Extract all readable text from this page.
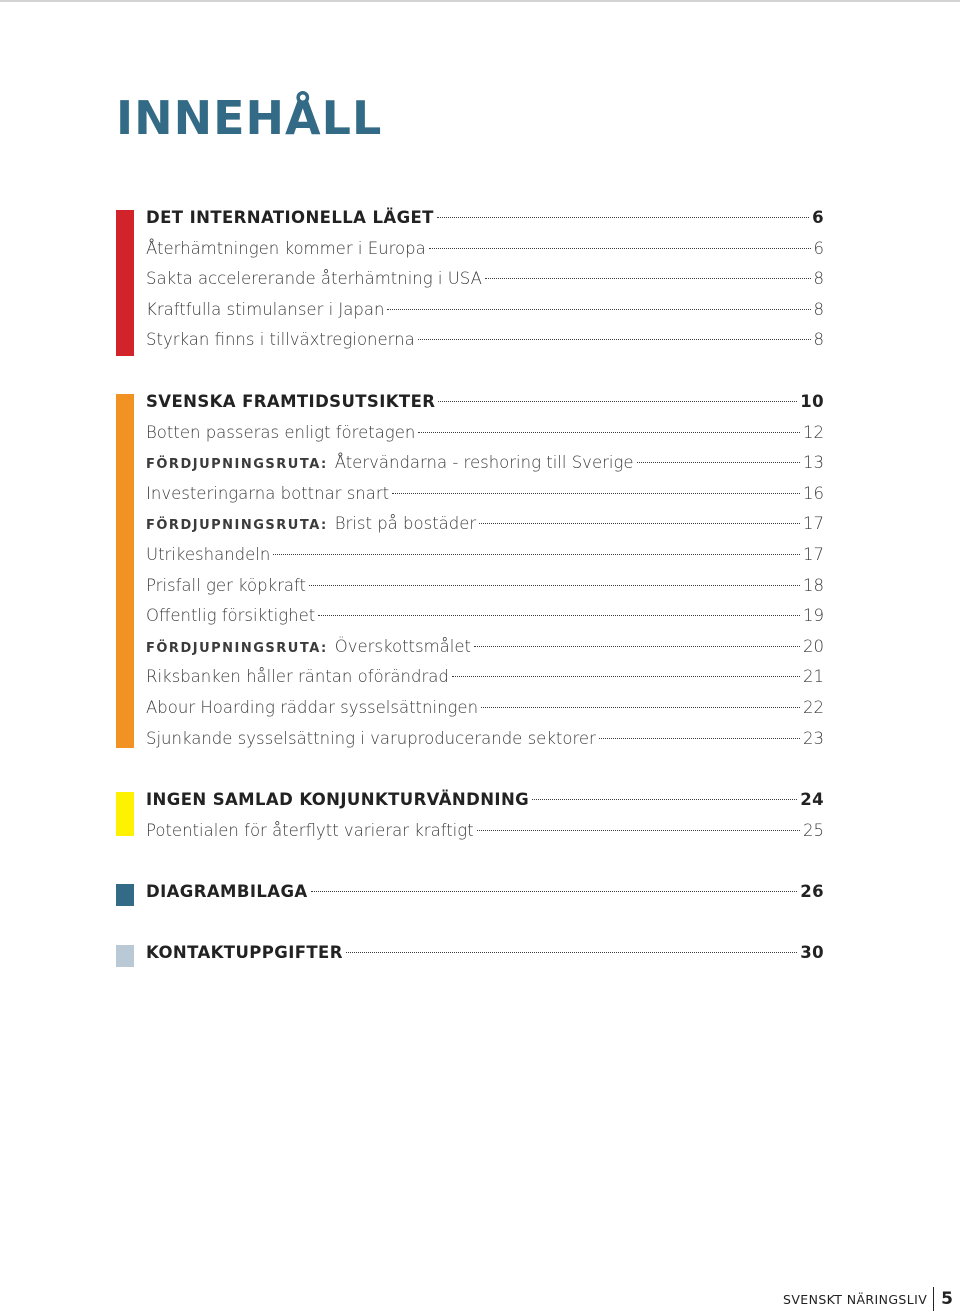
INNEHÅLL
DET INTERNATIONELLA LÄGET	6
Återhämtningen kommer i Europa	6
Sakta accelererande återhämtning i USA	8
Kraftfulla stimulanser i Japan	8
Styrkan finns i tillväxtregionerna	8
SVENSKA FRAMTIDSUTSIKTER	10
Botten passeras enligt företagen	12
FÖRDJUPNINGSRUTA: Återvändarna - reshoring till Sverige	13
Investeringarna bottnar snart	16
FÖRDJUPNINGSRUTA: Brist på bostäder	17
Utrikeshandeln	17
Prisfall ger köpkraft	18
Offentlig försiktighet	19
FÖRDJUPNINGSRUTA: Överskottsmålet	20
Riksbanken håller räntan oförändrad	21
Abour Hoarding räddar sysselsättningen	22
Sjunkande sysselsättning i varuproducerande sektorer	23
INGEN SAMLAD KONJUNKTURVÄNDNING	24
Potentialen för återflytt varierar kraftigt	25
DIAGRAMBILAGA	26
KONTAKTUPPGIFTER	30
SVENSKT NÄRINGSLIV 5
